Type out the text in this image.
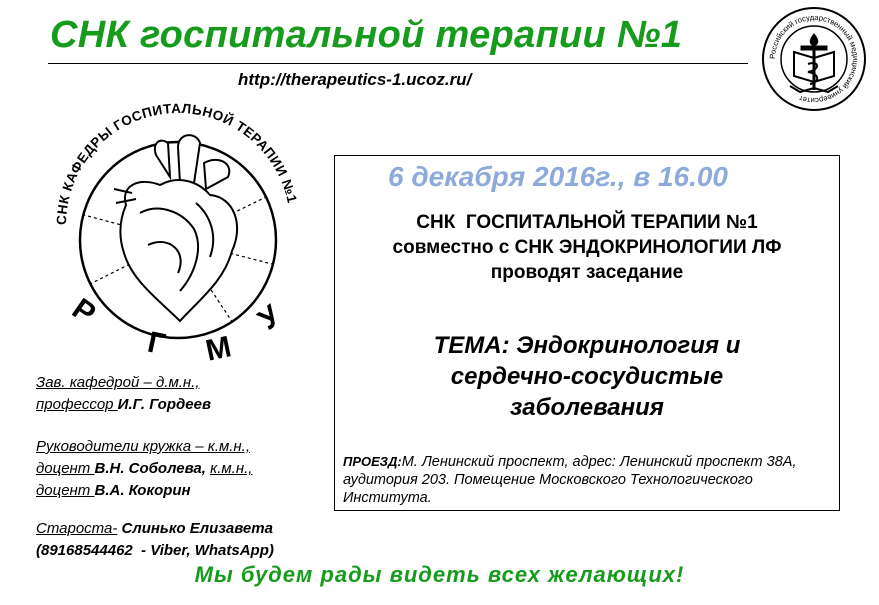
СНК госпитальной терапии №1
http://therapeutics-1.ucoz.ru/
Российский государственный медицинский университет
СНК КАФЕДРЫ ГОСПИТАЛЬНОЙ ТЕРАПИИ №1
Р
Г М
У
6 декабря 2016г., в 16.00
СНК  ГОСПИТАЛЬНОЙ ТЕРАПИИ №1
совместно с СНК ЭНДОКРИНОЛОГИИ ЛФ
проводят заседание
ТЕМА: Эндокринология и
сердечно-сосудистые
заболевания
ПРОЕЗД:М. Ленинский проспект, адрес: Ленинский проспект 38А, аудитория 203. Помещение Московского Технологического Института.
Зав. кафедрой – д.м.н.,
профессор И.Г. Гордеев
Руководители кружка – к.м.н.,
доцент В.Н. Соболева, к.м.н.,
доцент В.А. Кокорин
Староста- Слинько Елизавета
(89168544462  - Viber, WhatsApp)
Мы будем рады видеть всех желающих!
